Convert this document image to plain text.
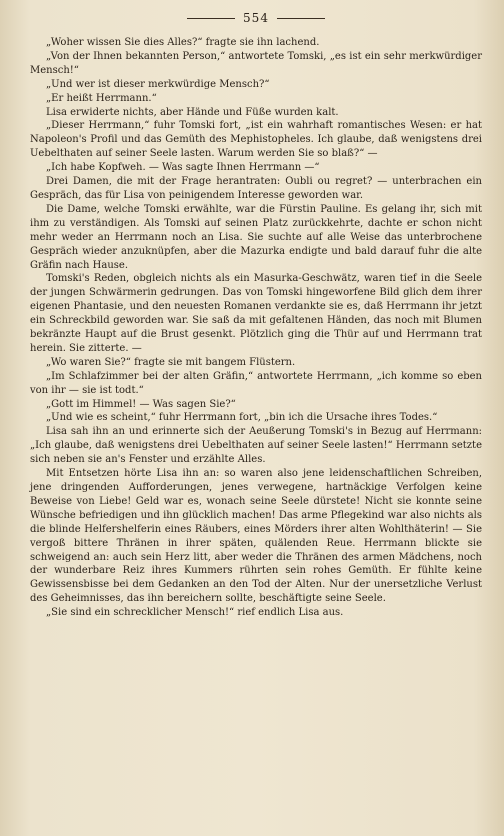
554

„Woher wissen Sie dies Alles?“ fragte sie ihn lachend.

„Von der Ihnen bekannten Person,“ antwortete Tomski, „es ist ein sehr merkwürdiger Mensch!“

„Und wer ist dieser merkwürdige Mensch?“

„Er heißt Herrmann.“

Lisa erwiderte nichts, aber Hände und Füße wurden kalt.

„Dieser Herrmann,“ fuhr Tomski fort, „ist ein wahrhaft romantisches Wesen: er hat Napoleon's Profil und das Gemüth des Mephistopheles. Ich glaube, daß wenigstens drei Uebelthaten auf seiner Seele lasten. Warum werden Sie so blaß?“ —

„Ich habe Kopfweh. — Was sagte Ihnen Herrmann —“

Drei Damen, die mit der Frage herantraten: Oubli ou regret? — unterbrachen ein Gespräch, das für Lisa von peinigendem Interesse geworden war.

Die Dame, welche Tomski erwählte, war die Fürstin Pauline. Es gelang ihr, sich mit ihm zu verständigen. Als Tomski auf seinen Platz zurückkehrte, dachte er schon nicht mehr weder an Herrmann noch an Lisa. Sie suchte auf alle Weise das unterbrochene Gespräch wieder anzuknüpfen, aber die Mazurka endigte und bald darauf fuhr die alte Gräfin nach Hause.

Tomski's Reden, obgleich nichts als ein Masurka-Geschwätz, waren tief in die Seele der jungen Schwärmerin gedrungen. Das von Tomski hingeworfene Bild glich dem ihrer eigenen Phantasie, und den neuesten Romanen verdankte sie es, daß Herrmann ihr jetzt ein Schreckbild geworden war. Sie saß da mit gefaltenen Händen, das noch mit Blumen bekränzte Haupt auf die Brust gesenkt. Plötzlich ging die Thür auf und Herrmann trat herein. Sie zitterte. —

„Wo waren Sie?“ fragte sie mit bangem Flüstern.

„Im Schlafzimmer bei der alten Gräfin,“ antwortete Herrmann, „ich komme so eben von ihr — sie ist todt.“

„Gott im Himmel! — Was sagen Sie?“

„Und wie es scheint,“ fuhr Herrmann fort, „bin ich die Ursache ihres Todes.“

Lisa sah ihn an und erinnerte sich der Aeußerung Tomski's in Bezug auf Herrmann: „Ich glaube, daß wenigstens drei Uebelthaten auf seiner Seele lasten!“ Herrmann setzte sich neben sie an's Fenster und erzählte Alles.

Mit Entsetzen hörte Lisa ihn an: so waren also jene leidenschaftlichen Schreiben, jene dringenden Aufforderungen, jenes verwegene, hartnäckige Verfolgen keine Beweise von Liebe! Geld war es, wonach seine Seele dürstete! Nicht sie konnte seine Wünsche befriedigen und ihn glücklich machen! Das arme Pflegekind war also nichts als die blinde Helfershelferin eines Räubers, eines Mörders ihrer alten Wohlthäterin! — Sie vergoß bittere Thränen in ihrer späten, quälenden Reue. Herrmann blickte sie schweigend an: auch sein Herz litt, aber weder die Thränen des armen Mädchens, noch der wunderbare Reiz ihres Kummers rührten sein rohes Gemüth. Er fühlte keine Gewissensbisse bei dem Gedanken an den Tod der Alten. Nur der unersetzliche Verlust des Geheimnisses, das ihn bereichern sollte, beschäftigte seine Seele.

„Sie sind ein schrecklicher Mensch!“ rief endlich Lisa aus.
